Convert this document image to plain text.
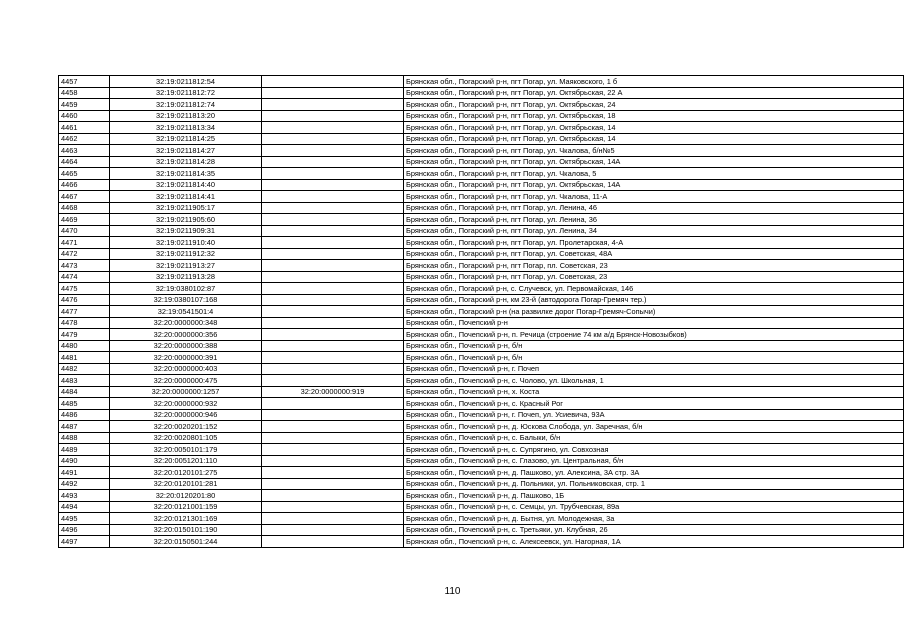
4457	32:19:0211812:54		Брянская обл., Погарский р-н, пгт Погар, ул. Маяковского, 1 б
4458	32:19:0211812:72		Брянская обл., Погарский р-н, пгт Погар, ул. Октябрьская, 22 А
4459	32:19:0211812:74		Брянская обл., Погарский р-н, пгт Погар, ул. Октябрьская, 24
4460	32:19:0211813:20		Брянская обл., Погарский р-н, пгт Погар, ул. Октябрьская, 18
4461	32:19:0211813:34		Брянская обл., Погарский р-н, пгт Погар, ул. Октябрьская, 14
4462	32:19:0211814:25		Брянская обл., Погарский р-н, пгт Погар, ул. Октябрьская, 14
4463	32:19:0211814:27		Брянская обл., Погарский р-н, пгт Погар, ул. Чкалова, б/н№5
4464	32:19:0211814:28		Брянская обл., Погарский р-н, пгт Погар, ул. Октябрьская, 14А
4465	32:19:0211814:35		Брянская обл., Погарский р-н, пгт Погар, ул. Чкалова, 5
4466	32:19:0211814:40		Брянская обл., Погарский р-н, пгт Погар, ул. Октябрьская, 14А
4467	32:19:0211814:41		Брянская обл., Погарский р-н, пгт Погар, ул. Чкалова, 11-А
4468	32:19:0211905:17		Брянская обл., Погарский р-н, пгт Погар, ул. Ленина, 46
4469	32:19:0211905:60		Брянская обл., Погарский р-н, пгт Погар, ул. Ленина, 36
4470	32:19:0211909:31		Брянская обл., Погарский р-н, пгт Погар, ул. Ленина, 34
4471	32:19:0211910:40		Брянская обл., Погарский р-н, пгт Погар, ул. Пролетарская, 4-А
4472	32:19:0211912:32		Брянская обл., Погарский р-н, пгт Погар, ул. Советская, 48А
4473	32:19:0211913:27		Брянская обл., Погарский р-н, пгт Погар, пл. Советская, 23
4474	32:19:0211913:28		Брянская обл., Погарский р-н, пгт Погар, ул. Советская, 23
4475	32:19:0380102:87		Брянская обл., Погарский р-н, с. Случевск, ул. Первомайская, 146
4476	32:19:0380107:168		Брянская обл., Погарский р-н, км 23-й (автодорога Погар-Гремяч тер.)
4477	32:19:0541501:4		Брянская обл., Погарский р-н (на развилке дорог Погар-Гремяч-Сопычи)
4478	32:20:0000000:348		Брянская обл., Почепский р-н
4479	32:20:0000000:356		Брянская обл., Почепский р-н, п. Речица (строение 74 км а/д Брянск-Новозыбков)
4480	32:20:0000000:388		Брянская обл., Почепский р-н, б/н
4481	32:20:0000000:391		Брянская обл., Почепский р-н, б/н
4482	32:20:0000000:403		Брянская обл., Почепский р-н, г. Почеп
4483	32:20:0000000:475		Брянская обл., Почепский р-н, с. Чолово, ул. Школьная, 1
4484	32:20:0000000:1257	32:20:0000000:919	Брянская обл., Почепский р-н, х. Коста
4485	32:20:0000000:932		Брянская обл., Почепский р-н, с. Красный Рог
4486	32:20:0000000:946		Брянская обл., Почепский р-н, г. Почеп, ул. Усиевича, 93А
4487	32:20:0020201:152		Брянская обл., Почепский р-н, д. Юскова Слобода, ул. Заречная, б/н
4488	32:20:0020801:105		Брянская обл., Почепский р-н, с. Балыки, б/н
4489	32:20:0050101:179		Брянская обл., Почепский р-н, с. Супрягино, ул. Совхозная
4490	32:20:0051201:110		Брянская обл., Почепский р-н, с. Глазово, ул. Центральная, б/н
4491	32:20:0120101:275		Брянская обл., Почепский р-н, д. Пашково, ул. Алексина, 3А стр. 3А
4492	32:20:0120101:281		Брянская обл., Почепский р-н, д. Польники, ул. Польниковская, стр. 1
4493	32:20:0120201:80		Брянская обл., Почепский р-н, д. Пашково, 1Б
4494	32:20:0121001:159		Брянская обл., Почепский р-н, с. Семцы, ул. Трубчевская, 89а
4495	32:20:0121301:169		Брянская обл., Почепский р-н, д. Бытня, ул. Молодежная, 3а
4496	32:20:0150101:190		Брянская обл., Почепский р-н, с. Третьяки, ул. Клубная, 26
4497	32:20:0150501:244		Брянская обл., Почепский р-н, с. Алексеевск, ул. Нагорная, 1А
110
